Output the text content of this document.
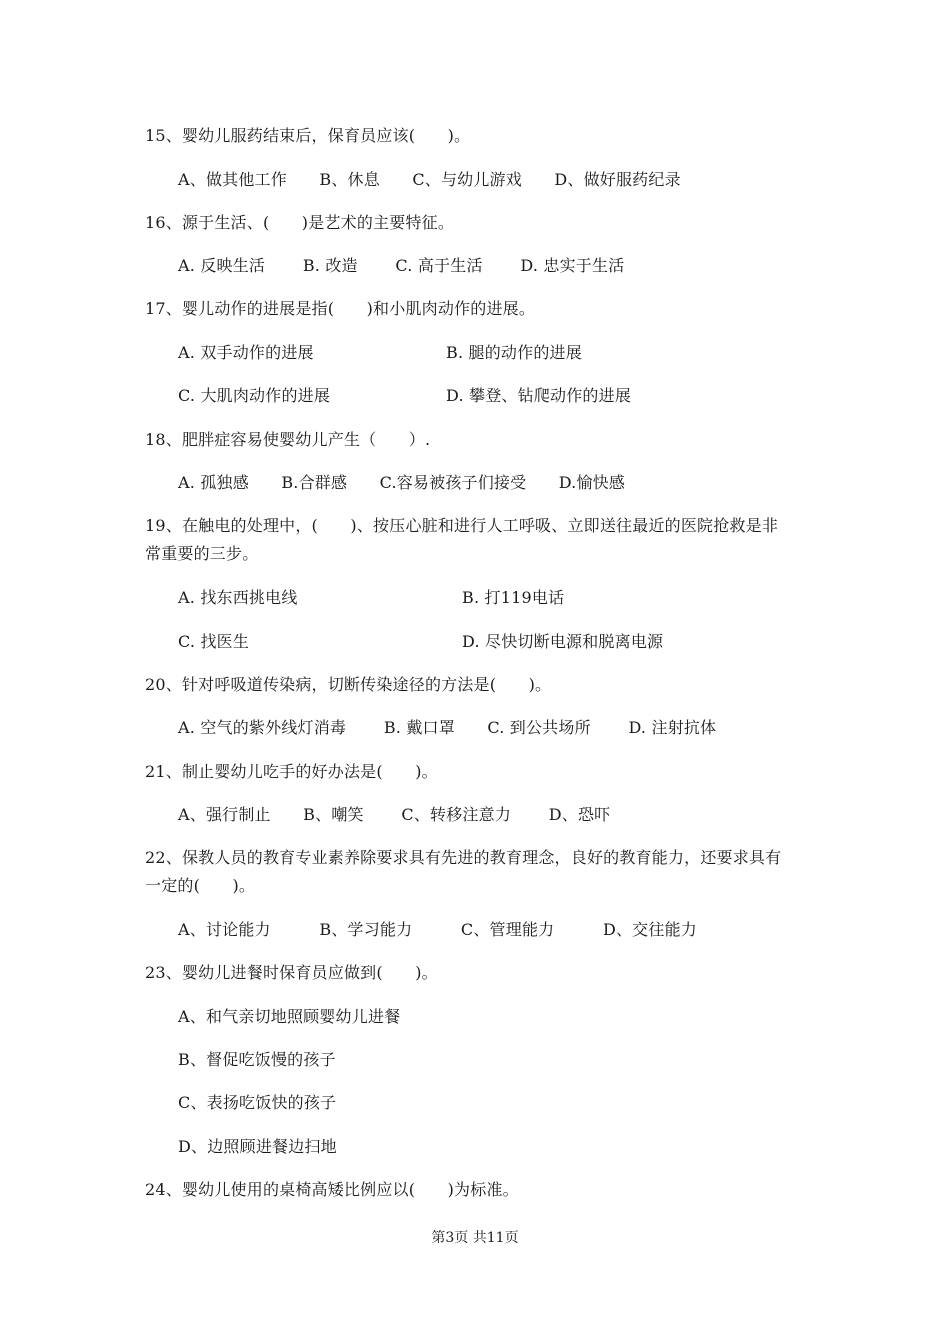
15、婴幼儿服药结束后，保育员应该(　　)。
A、做其他工作　　B、休息　　C、与幼儿游戏　　D、做好服药纪录
16、源于生活、(　　)是艺术的主要特征。
A. 反映生活　　 B. 改造　　 C. 高于生活　　 D. 忠实于生活
17、婴儿动作的进展是指(　　)和小肌肉动作的进展。
A. 双手动作的进展	B. 腿的动作的进展
C. 大肌肉动作的进展	D. 攀登、钻爬动作的进展
18、肥胖症容易使婴幼儿产生（　　）.
A. 孤独感　　B.合群感　　C.容易被孩子们接受　　D.愉快感
19、在触电的处理中，(　　)、按压心脏和进行人工呼吸、立即送往最近的医院抢救是非
常重要的三步。
A. 找东西挑电线	B. 打119电话
C. 找医生	D. 尽快切断电源和脱离电源
20、针对呼吸道传染病，切断传染途径的方法是(　　)。
A. 空气的紫外线灯消毒　　 B. 戴口罩　　C. 到公共场所　　 D. 注射抗体
21、制止婴幼儿吃手的好办法是(　　)。
A、强行制止　　B、嘲笑　　 C、转移注意力　　 D、恐吓
22、保教人员的教育专业素养除要求具有先进的教育理念，良好的教育能力，还要求具有
一定的(　　)。
A、讨论能力　　　B、学习能力　　　C、管理能力　　　D、交往能力
23、婴幼儿进餐时保育员应做到(　　)。
A、和气亲切地照顾婴幼儿进餐
B、督促吃饭慢的孩子
C、表扬吃饭快的孩子
D、边照顾进餐边扫地
24、婴幼儿使用的桌椅高矮比例应以(　　)为标准。
第3页 共11页
